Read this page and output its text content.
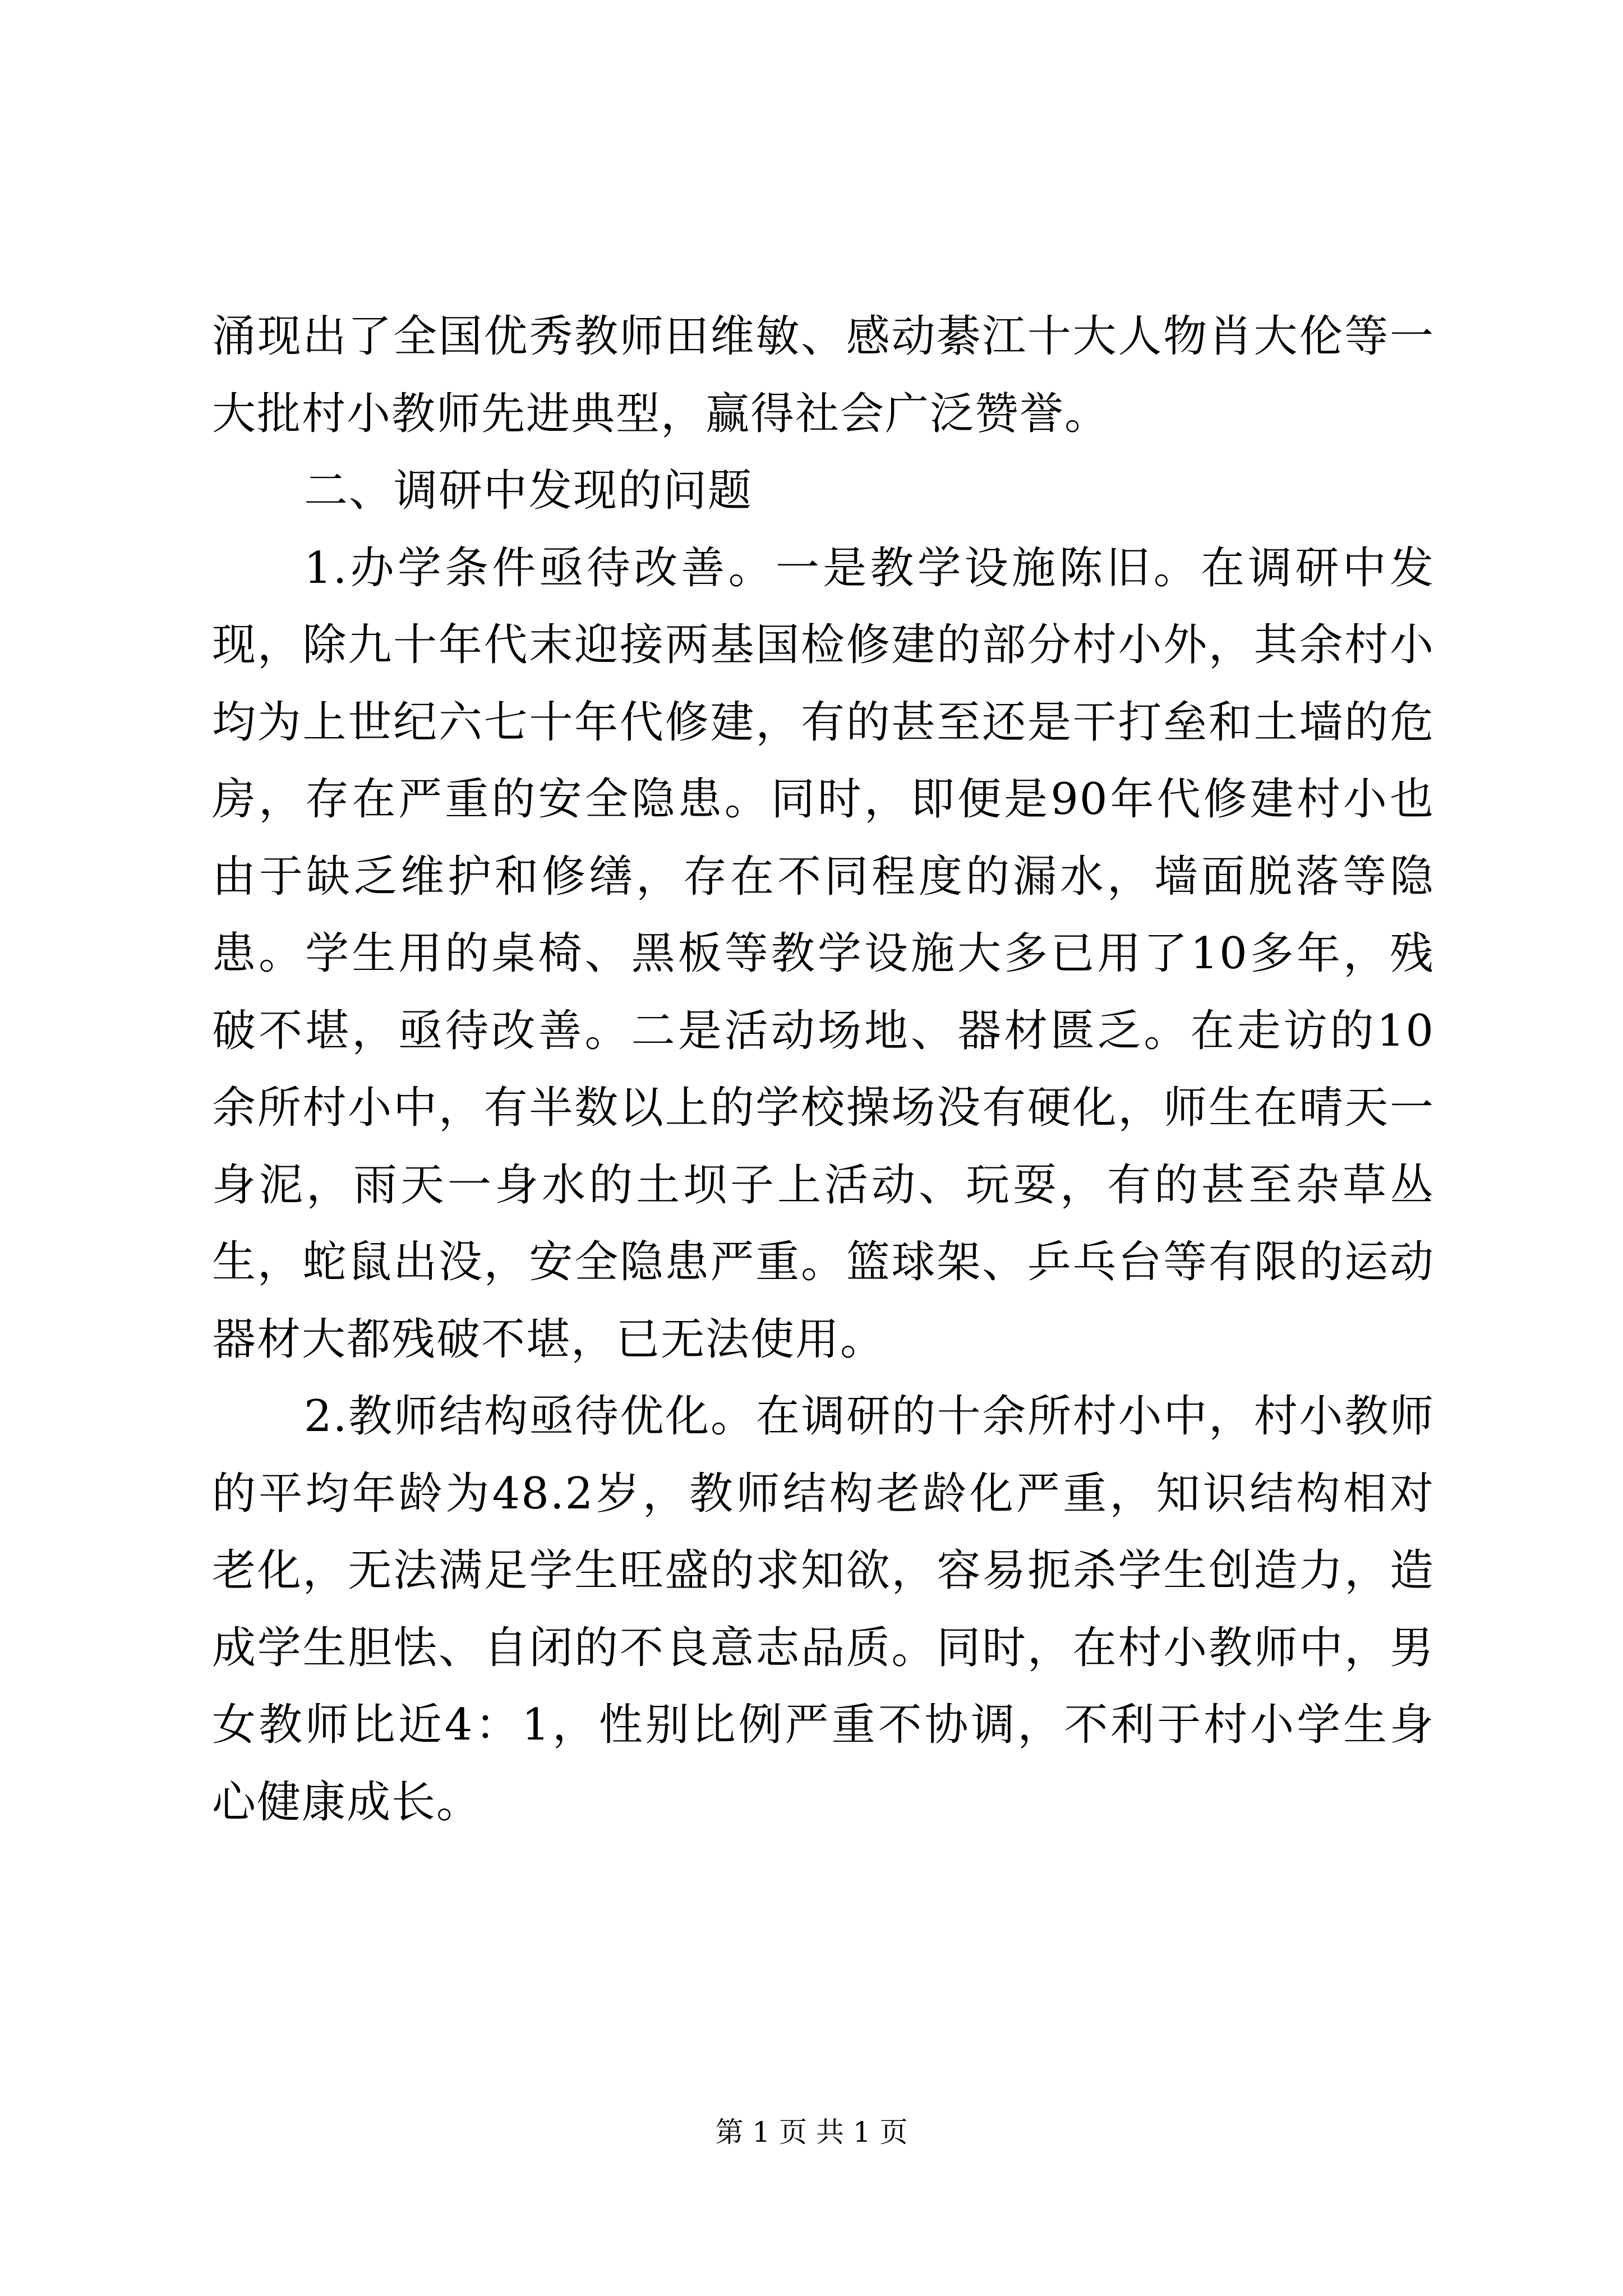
涌现出了全国优秀教师田维敏、感动綦江十大人物肖大伦等一大批村小教师先进典型，赢得社会广泛赞誉。

二、调研中发现的问题

1.办学条件亟待改善。一是教学设施陈旧。在调研中发现，除九十年代末迎接两基国检修建的部分村小外，其余村小均为上世纪六七十年代修建，有的甚至还是干打垒和土墙的危房，存在严重的安全隐患。同时，即便是90年代修建村小也由于缺乏维护和修缮，存在不同程度的漏水，墙面脱落等隐患。学生用的桌椅、黑板等教学设施大多已用了10多年，残破不堪，亟待改善。二是活动场地、器材匮乏。在走访的10余所村小中，有半数以上的学校操场没有硬化，师生在晴天一身泥，雨天一身水的土坝子上活动、玩耍，有的甚至杂草丛生，蛇鼠出没，安全隐患严重。篮球架、乒乓台等有限的运动器材大都残破不堪，已无法使用。

2.教师结构亟待优化。在调研的十余所村小中，村小教师的平均年龄为48.2岁，教师结构老龄化严重，知识结构相对老化，无法满足学生旺盛的求知欲，容易扼杀学生创造力，造成学生胆怯、自闭的不良意志品质。同时，在村小教师中，男女教师比近4：1，性别比例严重不协调，不利于村小学生身心健康成长。

第 1 页 共 1 页
